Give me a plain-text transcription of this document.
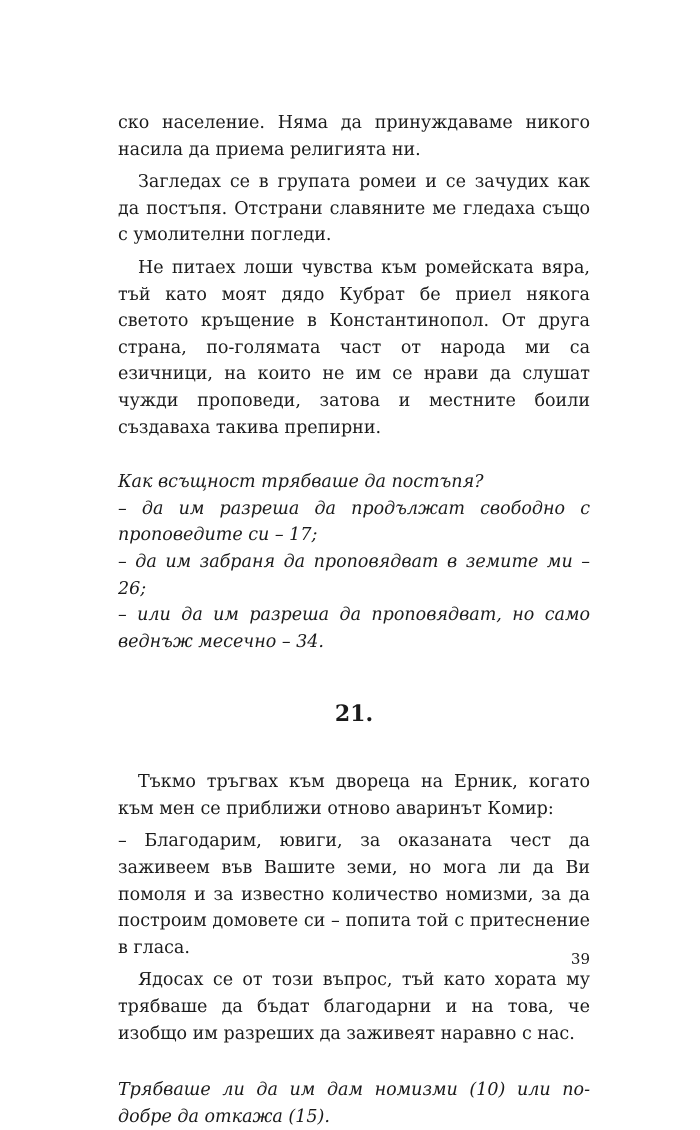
ско население. Няма да принуждаваме никого насила да приема религията ни.

Загледах се в групата ромеи и се зачудих как да постъпя. Отстрани славяните ме гледаха също с умолителни погледи.

Не питаех лоши чувства към ромейската вяра, тъй като моят дядо Кубрат бе приел някога светото кръщение в Константинопол. От друга страна, по-голямата част от народа ми са езичници, на които не им се нрави да слушат чужди проповеди, затова и местните боили създаваха такива препирни.

Как всъщност трябваше да постъпя?

– да им разреша да продължат свободно с проповедите си – 17;

– да им забраня да проповядват в земите ми – 26;

– или да им разреша да проповядват, но само веднъж месечно – 34.

21.

Тъкмо тръгвах към двореца на Ерник, когато към мен се приближи отново аваринът Комир:

– Благодарим, ювиги, за оказаната чест да заживеем във Вашите земи, но мога ли да Ви помоля и за известно количество номизми, за да построим домовете си – попита той с притеснение в гласа.

Ядосах се от този въпрос, тъй като хората му трябваше да бъдат благодарни и на това, че изобщо им разреших да заживеят наравно с нас.

Трябваше ли да им дам номизми (10) или по-добре да откажа (15).

39
